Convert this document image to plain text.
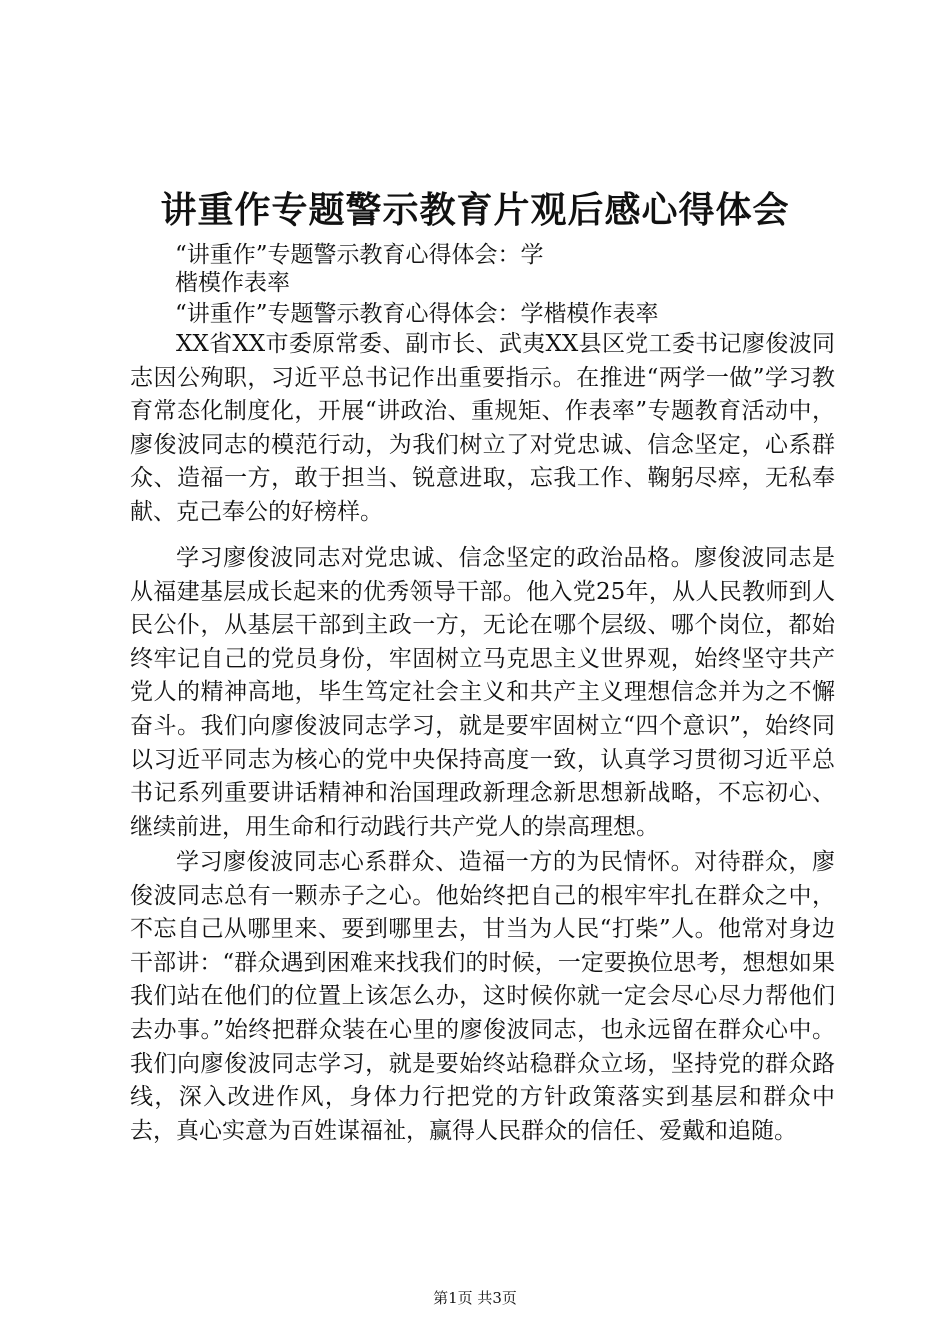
讲重作专题警示教育片观后感心得体会

“讲重作”专题警示教育心得体会：学

楷模作表率

“讲重作”专题警示教育心得体会：学楷模作表率

XX省XX市委原常委、副市长、武夷XX县区党工委书记廖俊波同志因公殉职，习近平总书记作出重要指示。在推进“两学一做”学习教育常态化制度化，开展“讲政治、重规矩、作表率”专题教育活动中，廖俊波同志的模范行动，为我们树立了对党忠诚、信念坚定，心系群众、造福一方，敢于担当、锐意进取，忘我工作、鞠躬尽瘁，无私奉献、克己奉公的好榜样。

学习廖俊波同志对党忠诚、信念坚定的政治品格。廖俊波同志是从福建基层成长起来的优秀领导干部。他入党25年，从人民教师到人民公仆，从基层干部到主政一方，无论在哪个层级、哪个岗位，都始终牢记自己的党员身份，牢固树立马克思主义世界观，始终坚守共产党人的精神高地，毕生笃定社会主义和共产主义理想信念并为之不懈奋斗。我们向廖俊波同志学习，就是要牢固树立“四个意识”，始终同以习近平同志为核心的党中央保持高度一致，认真学习贯彻习近平总书记系列重要讲话精神和治国理政新理念新思想新战略，不忘初心、继续前进，用生命和行动践行共产党人的崇高理想。

学习廖俊波同志心系群众、造福一方的为民情怀。对待群众，廖俊波同志总有一颗赤子之心。他始终把自己的根牢牢扎在群众之中，不忘自己从哪里来、要到哪里去，甘当为人民“打柴”人。他常对身边干部讲：“群众遇到困难来找我们的时候，一定要换位思考，想想如果我们站在他们的位置上该怎么办，这时候你就一定会尽心尽力帮他们去办事。”始终把群众装在心里的廖俊波同志，也永远留在群众心中。我们向廖俊波同志学习，就是要始终站稳群众立场，坚持党的群众路线，深入改进作风，身体力行把党的方针政策落实到基层和群众中去，真心实意为百姓谋福祉，赢得人民群众的信任、爱戴和追随。

第1页 共3页
